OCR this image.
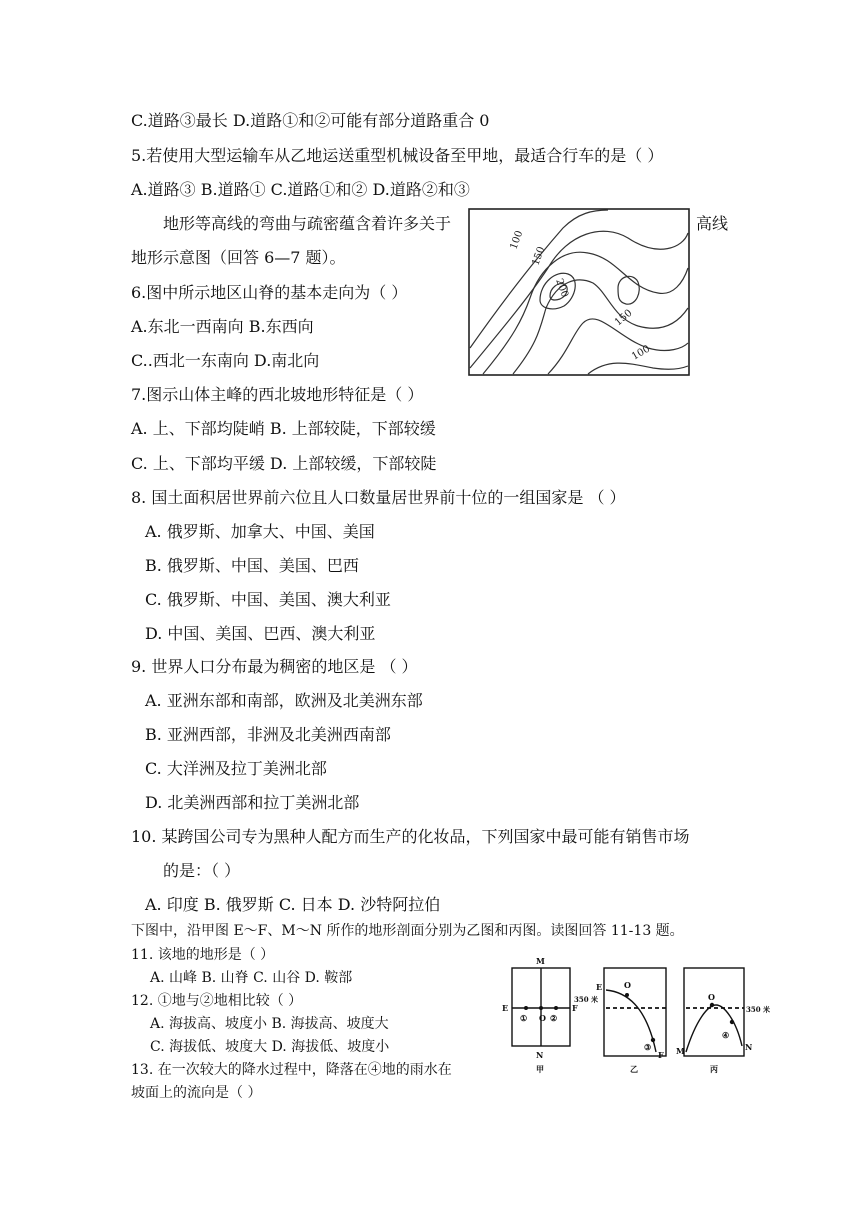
C.道路③最长 D.道路①和②可能有部分道路重合 0
5.若使用大型运输车从乙地运送重型机械设备至甲地，最适合行车的是（ ）
A.道路③ B.道路① C.道路①和② D.道路②和③
地形等高线的弯曲与疏密蕴含着许多关于	高线
地形示意图（回答 6—7 题）。
6.图中所示地区山脊的基本走向为（ ）
A.东北一西南向 B.东西向
C..西北一东南向 D.南北向
7.图示山体主峰的西北坡地形特征是（ ）
A. 上、下部均陡峭 B. 上部较陡，下部较缓
C. 上、下部均平缓 D. 上部较缓，下部较陡
8. 国土面积居世界前六位且人口数量居世界前十位的一组国家是 （ ）
A. 俄罗斯、加拿大、中国、美国
B. 俄罗斯、中国、美国、巴西
C. 俄罗斯、中国、美国、澳大利亚
D. 中国、美国、巴西、澳大利亚
9. 世界人口分布最为稠密的地区是 （ ）
A. 亚洲东部和南部，欧洲及北美洲东部
B. 亚洲西部，非洲及北美洲西南部
C. 大洋洲及拉丁美洲北部
D. 北美洲西部和拉丁美洲北部
10. 某跨国公司专为黑种人配方而生产的化妆品，下列国家中最可能有销售市场
的是：（ ）
A. 印度 B. 俄罗斯 C. 日本 D. 沙特阿拉伯
下图中，沿甲图 E～F、M～N 所作的地形剖面分别为乙图和丙图。读图回答 11-13 题。
11. 该地的地形是（ ）
A. 山峰 B. 山脊 C. 山谷 D. 鞍部
12. ①地与②地相比较（ ）
A. 海拔高、坡度小 B. 海拔高、坡度大
C. 海拔低、坡度大 D. 海拔低、坡度小
13. 在一次较大的降水过程中，降落在④地的雨水在
坡面上的流向是（ ）
100
150
200
150
100
M
N
E	F
① O ②
甲
E	O
F
③
350 米
乙
M
O
N
④
350 米
丙
